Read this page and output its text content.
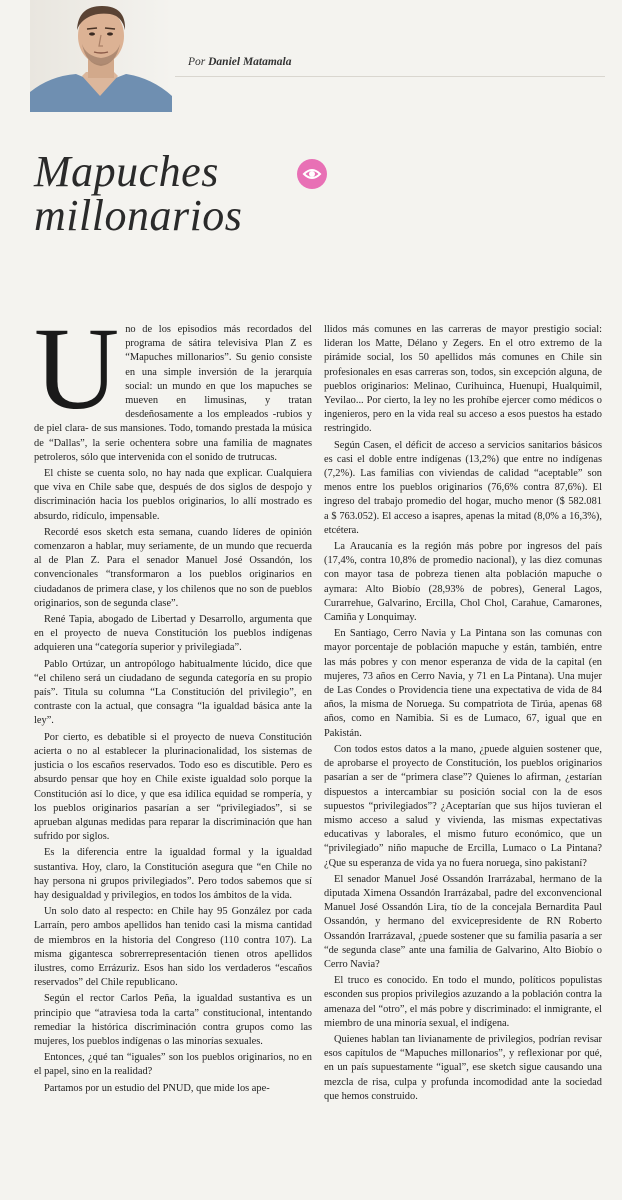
Por Daniel Matamala
Mapuches
millonarios
U no de los episodios más recordados del programa de sátira televisiva Plan Z es “Mapuches millonarios”. Su genio consiste en una simple inversión de la jerarquía social: un mundo en que los mapuches se mueven en limusinas, y tratan desdeñosamente a los empleados -rubios y de piel clara- de sus mansiones. Todo, tomando prestada la música de “Dallas”, la serie ochentera sobre una familia de magnates petroleros, sólo que intervenida con el sonido de trutrucas.

El chiste se cuenta solo, no hay nada que explicar. Cualquiera que viva en Chile sabe que, después de dos siglos de despojo y discriminación hacia los pueblos originarios, lo allí mostrado es absurdo, ridículo, impensable.

Recordé esos sketch esta semana, cuando líderes de opinión comenzaron a hablar, muy seriamente, de un mundo que recuerda al de Plan Z. Para el senador Manuel José Ossandón, los convencionales “transformaron a los pueblos originarios en ciudadanos de primera clase, y los chilenos que no son de pueblos originarios, son de segunda clase”.

René Tapia, abogado de Libertad y Desarrollo, argumenta que en el proyecto de nueva Constitución los pueblos indígenas adquieren una “categoría superior y privilegiada”.

Pablo Ortúzar, un antropólogo habitualmente lúcido, dice que “el chileno será un ciudadano de segunda categoría en su propio país”. Titula su columna “La Constitución del privilegio”, en contraste con la actual, que consagra “la igualdad básica ante la ley”.

Por cierto, es debatible si el proyecto de nueva Constitución acierta o no al establecer la plurinacionalidad, los sistemas de justicia o los escaños reservados. Todo eso es discutible. Pero es absurdo pensar que hoy en Chile existe igualdad solo porque la Constitución así lo dice, y que esa idílica equidad se rompería, y los pueblos originarios pasarían a ser “privilegiados”, si se aprueban algunas medidas para reparar la discriminación que han sufrido por siglos.

Es la diferencia entre la igualdad formal y la igualdad sustantiva. Hoy, claro, la Constitución asegura que “en Chile no hay persona ni grupos privilegiados”. Pero todos sabemos que sí hay desigualdad y privilegios, en todos los ámbitos de la vida.

Un solo dato al respecto: en Chile hay 95 González por cada Larraín, pero ambos apellidos han tenido casi la misma cantidad de miembros en la historia del Congreso (110 contra 107). La misma gigantesca sobrerrepresentación tienen otros apellidos ilustres, como Errázuriz. Esos han sido los verdaderos “escaños reservados” del Chile republicano.

Según el rector Carlos Peña, la igualdad sustantiva es un principio que “atraviesa toda la carta” constitucional, intentando remediar la histórica discriminación contra grupos como las mujeres, los pueblos indígenas o las minorías sexuales.

Entonces, ¿qué tan “iguales” son los pueblos originarios, no en el papel, sino en la realidad?

Partamos por un estudio del PNUD, que mide los ape-

llidos más comunes en las carreras de mayor prestigio social: lideran los Matte, Délano y Zegers. En el otro extremo de la pirámide social, los 50 apellidos más comunes en Chile sin profesionales en esas carreras son, todos, sin excepción alguna, de pueblos originarios: Melinao, Curihuinca, Huenupi, Hualquimil, Yevilao... Por cierto, la ley no les prohíbe ejercer como médicos o ingenieros, pero en la vida real su acceso a esos puestos ha estado restringido.

Según Casen, el déficit de acceso a servicios sanitarios básicos es casi el doble entre indígenas (13,2%) que entre no indígenas (7,2%). Las familias con viviendas de calidad “aceptable” son menos entre los pueblos originarios (76,6% contra 87,6%). El ingreso del trabajo promedio del hogar, mucho menor ($ 582.081 a $ 763.052). El acceso a isapres, apenas la mitad (8,0% a 16,3%), etcétera.

La Araucanía es la región más pobre por ingresos del país (17,4%, contra 10,8% de promedio nacional), y las diez comunas con mayor tasa de pobreza tienen alta población mapuche o aymara: Alto Biobío (28,93% de pobres), General Lagos, Curarrehue, Galvarino, Ercilla, Chol Chol, Carahue, Camarones, Camiña y Lonquimay.

En Santiago, Cerro Navia y La Pintana son las comunas con mayor porcentaje de población mapuche y están, también, entre las más pobres y con menor esperanza de vida de la capital (en mujeres, 73 años en Cerro Navia, y 71 en La Pintana). Una mujer de Las Condes o Providencia tiene una expectativa de vida de 84 años, la misma de Noruega. Su compatriota de Tirúa, apenas 68 años, como en Namibia. Si es de Lumaco, 67, igual que en Pakistán.

Con todos estos datos a la mano, ¿puede alguien sostener que, de aprobarse el proyecto de Constitución, los pueblos originarios pasarían a ser de “primera clase”? Quienes lo afirman, ¿estarían dispuestos a intercambiar su posición social con la de esos supuestos “privilegiados”? ¿Aceptarían que sus hijos tuvieran el mismo acceso a salud y vivienda, las mismas expectativas educativas y laborales, el mismo futuro económico, que un “privilegiado” niño mapuche de Ercilla, Lumaco o La Pintana? ¿Que su esperanza de vida ya no fuera noruega, sino pakistaní?

El senador Manuel José Ossandón Irarrázabal, hermano de la diputada Ximena Ossandón Irarrázabal, padre del exconvencional Manuel José Ossandón Lira, tío de la concejala Bernardita Paul Ossandón, y hermano del exvicepresidente de RN Roberto Ossandón Irarrázaval, ¿puede sostener que su familia pasaría a ser “de segunda clase” ante una familia de Galvarino, Alto Biobío o Cerro Navia?

El truco es conocido. En todo el mundo, políticos populistas esconden sus propios privilegios azuzando a la población contra la amenaza del “otro”, el más pobre y discriminado: el inmigrante, el miembro de una minoría sexual, el indígena.

Quienes hablan tan livianamente de privilegios, podrían revisar esos capítulos de “Mapuches millonarios”, y reflexionar por qué, en un país supuestamente “igual”, ese sketch sigue causando una mezcla de risa, culpa y profunda incomodidad ante la sociedad que hemos construido.
